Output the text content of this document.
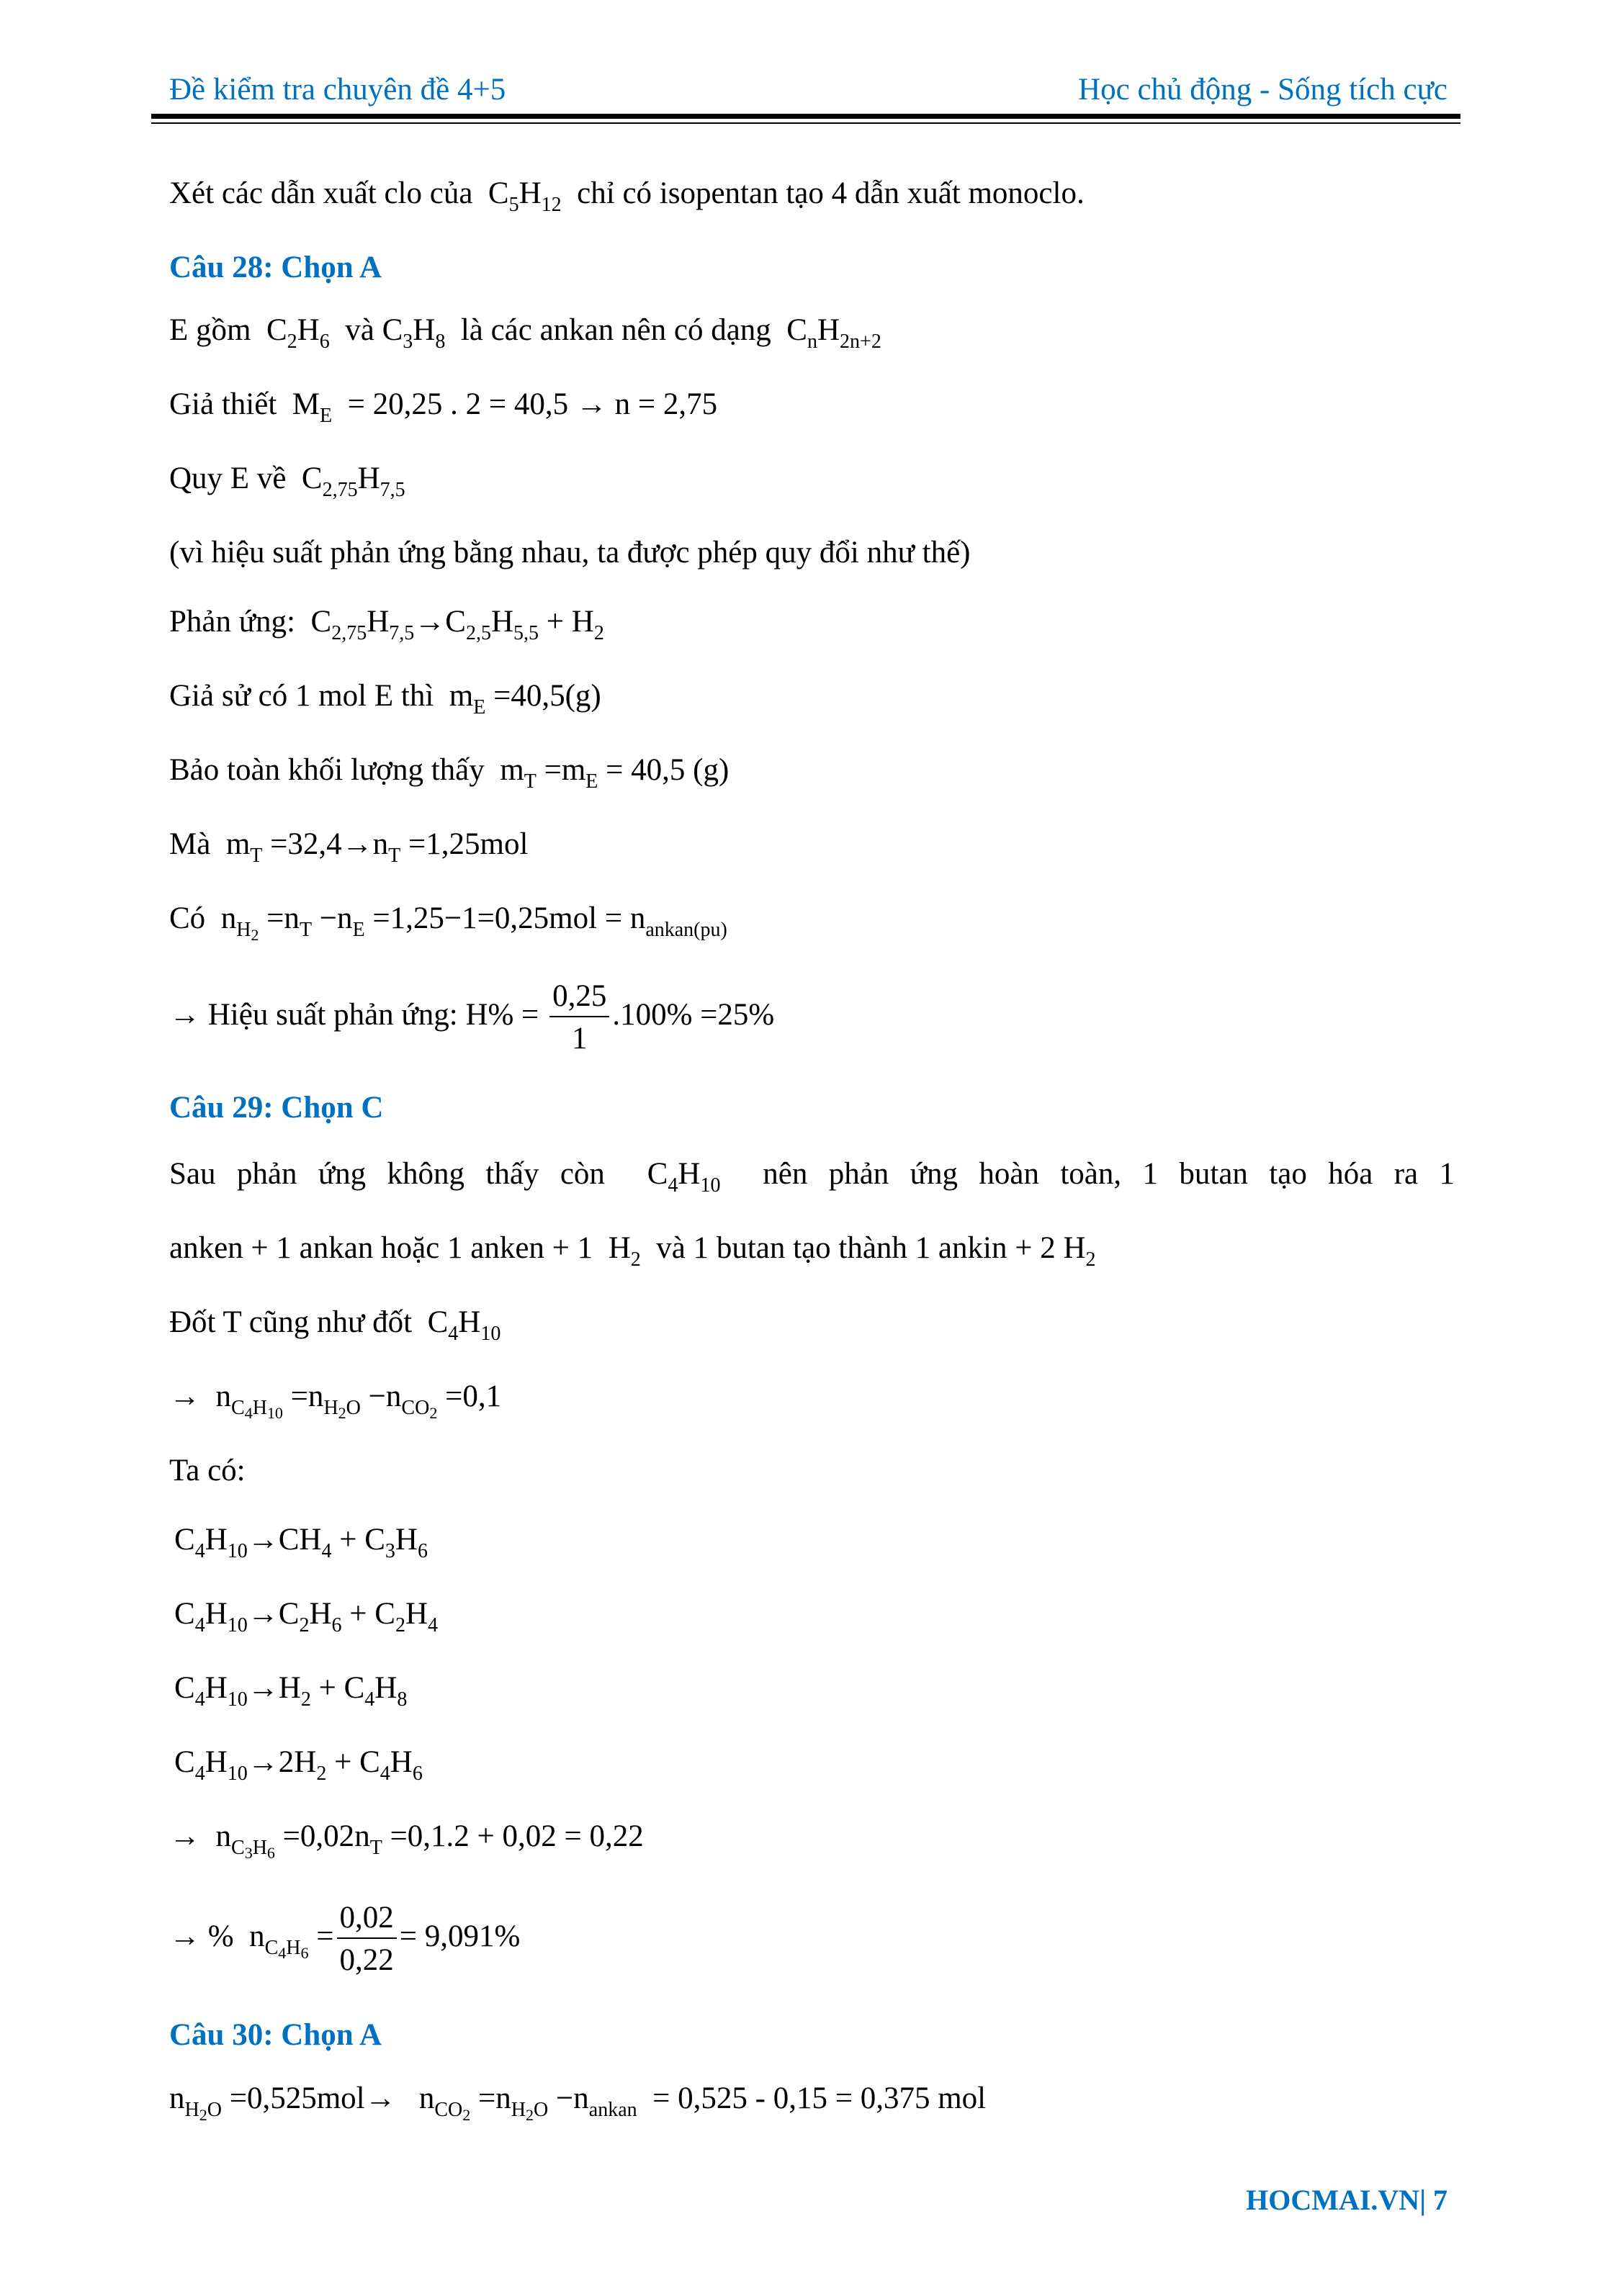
Đề kiểm tra chuyên đề 4+5	Học chủ động - Sống tích cực
Xét các dẫn xuất clo của  $C_5H_{12}$ chỉ có isopentan tạo 4 dẫn xuất monoclo.
Câu 28: Chọn A
E gồm  $C_2H_6$ và $C_3H_8$ là các ankan nên có dạng  $C_nH_{2n+2}$
Giả thiết  $M_E = 20,25$ . 2 = 40,5 → n = 2,75
Quy E về  $C_{2,75}H_{7,5}$
(vì hiệu suất phản ứng bằng nhau, ta được phép quy đổi như thế)
Phản ứng:  $C_{2,75}H_{7,5}\to C_{2,5}H_{5,5} + H_2$
Giả sử có 1 mol E thì  $m_E =40,5(g)$
Bảo toàn khối lượng thấy  $m_T =m_E = 40,5$ (g)
Mà  $m_T =32,4\to n_T =1,25mol$
Có  $n_{H_2} =n_T -n_E =1,25-1=0,25mol = n_{ankan(pu)}$
→ Hiệu suất phản ứng: $H\% = \frac{0,25}{1} .100\% =25\%$
Câu 29: Chọn C
Sau phản ứng không thấy còn  $C_4H_{10}$ nên phản ứng hoàn toàn, 1 butan tạo hóa ra 1
anken + 1 ankan hoặc 1 anken + 1  $H_2$ và 1 butan tạo thành 1 ankin + 2 $H_2$
Đốt T cũng như đốt  $C_4H_{10}$
→  $n_{C_4H_{10}} =n_{H_2O} -n_{CO_2} =0,1$
Ta có:
$C_4H_{10}\to CH_4 + C_3H_6$
$C_4H_{10}\to C_2H_6 + C_2H_4$
$C_4H_{10}\to H_2 + C_4H_8$
$C_4H_{10}\to 2H_2 + C_4H_6$
→  $n_{C_3H_6} =0,02n_T =0,1.2 + 0,02 = 0,22$
→ %  $n_{C_4H_6} = \frac{0,02}{0,22} = 9,091\%$
Câu 30: Chọn A
$n_{H_2O} =0,525mol\to n_{CO_2} =n_{H_2O} -n_{ankan} = 0,525 - 0,15 = 0,375$ mol
HOCMAI.VN| 7
